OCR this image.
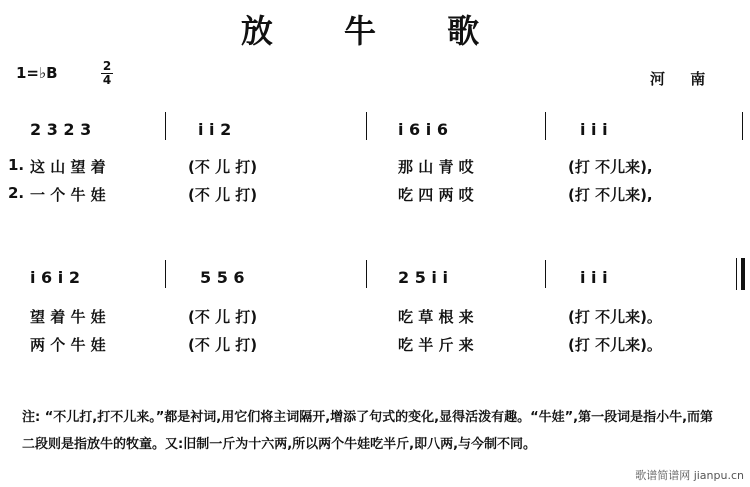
放 牛 歌
1=♭B	2
4	河 南
2 3 2 3	i i 2	i 6 i 6	i i i
1. 这 山 望 着	(不 儿 打)	那 山 青 哎	(打 不儿来),
2. 一 个 牛 娃	(不 儿 打)	吃 四 两 哎	(打 不儿来),
i 6 i 2	5 5 6	2 5 i i	i i i
望 着 牛 娃	(不 儿 打)	吃 草 根 来	(打 不儿来)。
两 个 牛 娃	(不 儿 打)	吃 半 斤 来	(打 不儿来)。
注: “不儿打,打不儿来。”都是衬词,用它们将主词隔开,增添了句式的变化,显得活泼有趣。“牛娃”,第一段词是指小牛,而第二段则是指放牛的牧童。又:旧制一斤为十六两,所以两个牛娃吃半斤,即八两,与今制不同。
歌谱简谱网 jianpu.cn
